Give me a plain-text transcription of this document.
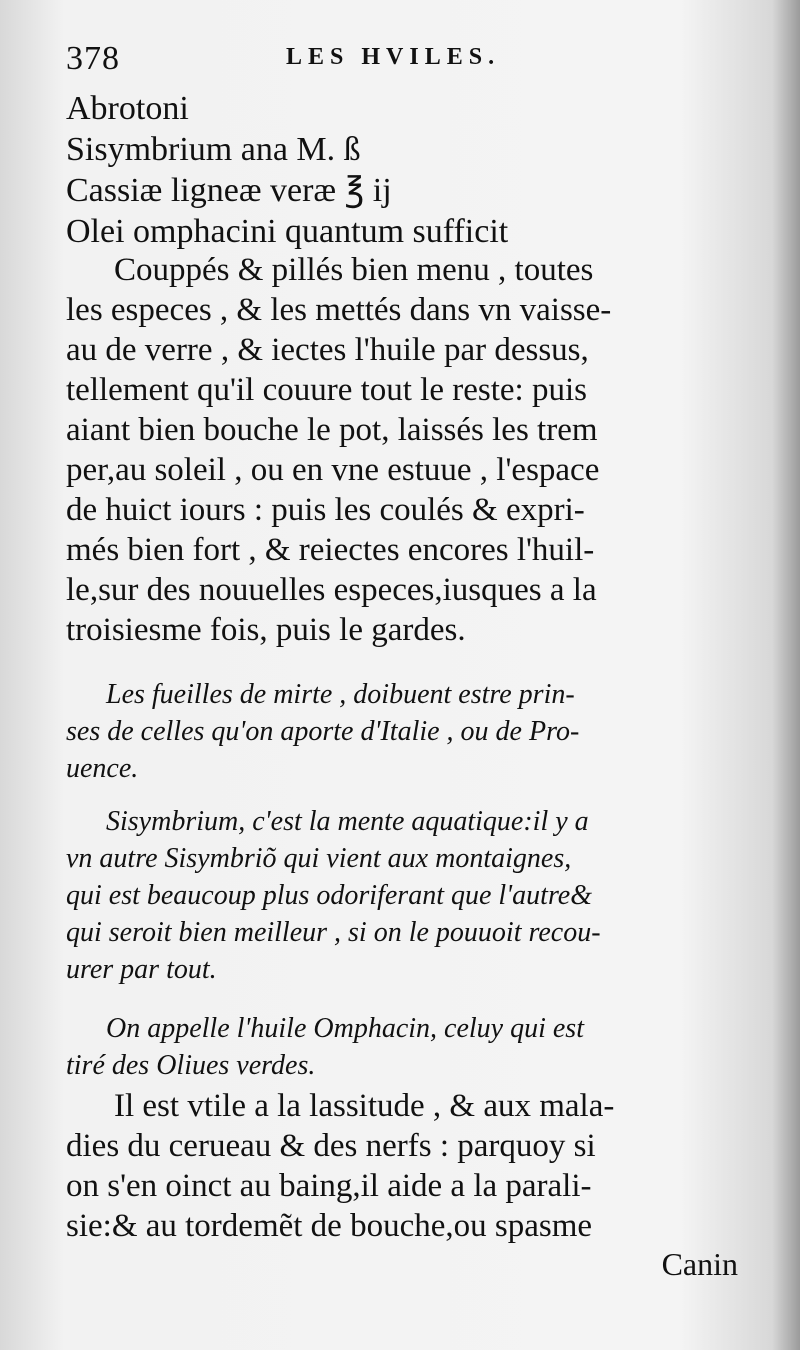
378	LES HVILES.
Abrotoni
Sisymbrium ana M. ß
Cassiæ ligneæ veræ ℥ ij
Olei omphacini quantum sufficit
Couppés & pillés bien menu , toutes
les especes , & les mettés dans vn vaisse-
au de verre , & iectes l'huile par dessus,
tellement qu'il couure tout le reste: puis
aiant bien bouche le pot, laissés les trem
per,au soleil , ou en vne estuue , l'espace
de huict iours : puis les coulés & expri-
més bien fort , & reiectes encores l'huil-
le,sur des nouuelles especes,iusques a la
troisiesme fois, puis le gardes.
Les fueilles de mirte , doibuent estre prin-
ses de celles qu'on aporte d'Italie , ou de Pro-
uence.
Sisymbrium, c'est la mente aquatique:il y a
vn autre Sisymbriõ qui vient aux montaignes,
qui est beaucoup plus odoriferant que l'autre&
qui seroit bien meilleur , si on le pouuoit recou-
urer par tout.
On appelle l'huile Omphacin, celuy qui est
tiré des Oliues verdes.
Il est vtile a la lassitude , & aux mala-
dies du cerueau & des nerfs : parquoy si
on s'en oinct au baing,il aide a la parali-
sie:& au tordemẽt de bouche,ou spasme
Canin
